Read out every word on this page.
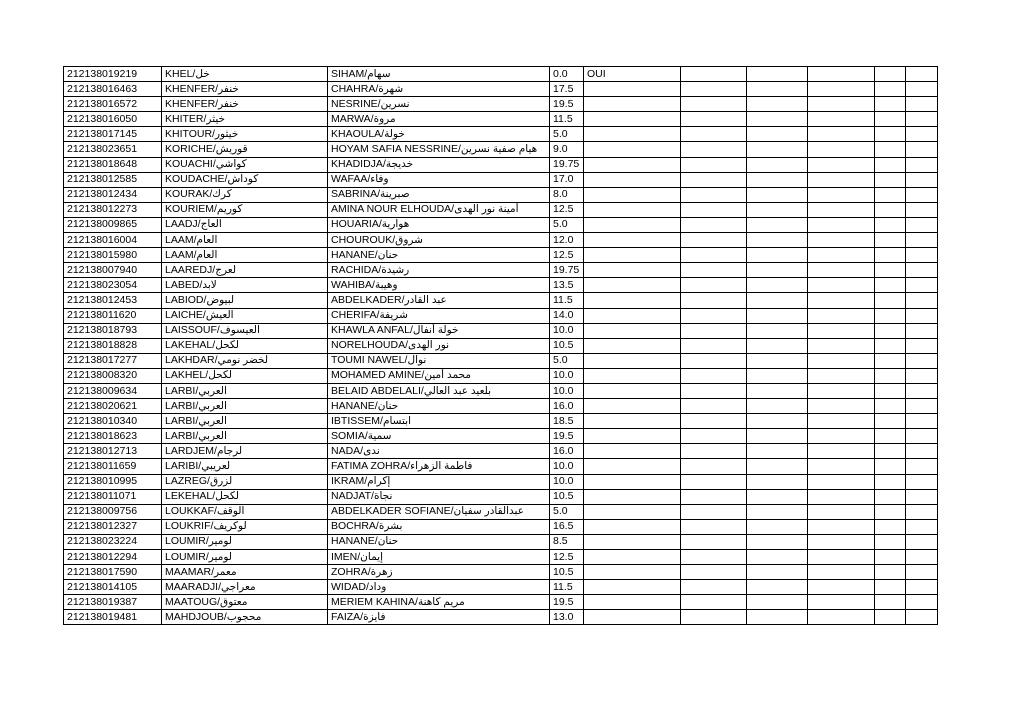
212138019219	KHEL/خل	SIHAM/سهام	0.0	OUI					
212138016463	KHENFER/خنفر	CHAHRA/شهرة	17.5						
212138016572	KHENFER/خنفر	NESRINE/نسرين	19.5						
212138016050	KHITER/خيثر	MARWA/مروة	11.5						
212138017145	KHITOUR/خيثور	KHAOULA/خولة	5.0						
212138023651	KORICHE/قوريش	HOYAM SAFIA NESSRINE/هيام صفية نسرين	9.0						
212138018648	KOUACHI/كواشي	KHADIDJA/خديجة	19.75						
212138012585	KOUDACHE/كوداش	WAFAA/وفاء	17.0						
212138012434	KOURAK/كرك	SABRINA/صبرينة	8.0						
212138012273	KOURIEM/كوريم	AMINA NOUR ELHOUDA/أمينة نور الهدى	12.5						
212138009865	LAADJ/العاج	HOUARIA/هوارية	5.0						
212138016004	LAAM/العام	CHOUROUK/شروق	12.0						
212138015980	LAAM/العام	HANANE/حنان	12.5						
212138007940	LAAREDJ/لعرج	RACHIDA/رشيدة	19.75						
212138023054	LABED/لابد	WAHIBA/وهيبة	13.5						
212138012453	LABIOD/لبيوض	ABDELKADER/عبد القادر	11.5						
212138011620	LAICHE/العيش	CHERIFA/شريفة	14.0						
212138018793	LAISSOUF/العيسوف	KHAWLA ANFAL/خولة أنفال	10.0						
212138018828	LAKEHAL/لكحل	NORELHOUDA/نور الهدى	10.5						
212138017277	LAKHDAR/لخضر نومي	TOUMI NAWEL/نوال	5.0						
212138008320	LAKHEL/لكحل	MOHAMED AMINE/محمد أمين	10.0						
212138009634	LARBI/العربي	BELAID ABDELALI/بلعيد عبد العالي	10.0						
212138020621	LARBI/العربي	HANANE/حنان	16.0						
212138010340	LARBI/العربي	IBTISSEM/ابتسام	18.5						
212138018623	LARBI/العربي	SOMIA/سمية	19.5						
212138012713	LARDJEM/لرجام	NADA/ندى	16.0						
212138011659	LARIBI/لعريبي	FATIMA ZOHRA/فاطمة الزهراء	10.0						
212138010995	LAZREG/لزرق	IKRAM/إكرام	10.0						
212138011071	LEKEHAL/لكحل	NADJAT/نجاة	10.5						
212138009756	LOUKKAF/الوقف	ABDELKADER SOFIANE/عبدالقادر سفيان	5.0						
212138012327	LOUKRIF/لوكريف	BOCHRA/بشرة	16.5						
212138023224	LOUMIR/لومير	HANANE/حنان	8.5						
212138012294	LOUMIR/لومير	IMEN/إيمان	12.5						
212138017590	MAAMAR/معمر	ZOHRA/زهرة	10.5						
212138014105	MAARADJI/معراجي	WIDAD/وداد	11.5						
212138019387	MAATOUG/معتوق	MERIEM KAHINA/مريم كاهنة	19.5						
212138019481	MAHDJOUB/محجوب	FAIZA/فايزة	13.0						
